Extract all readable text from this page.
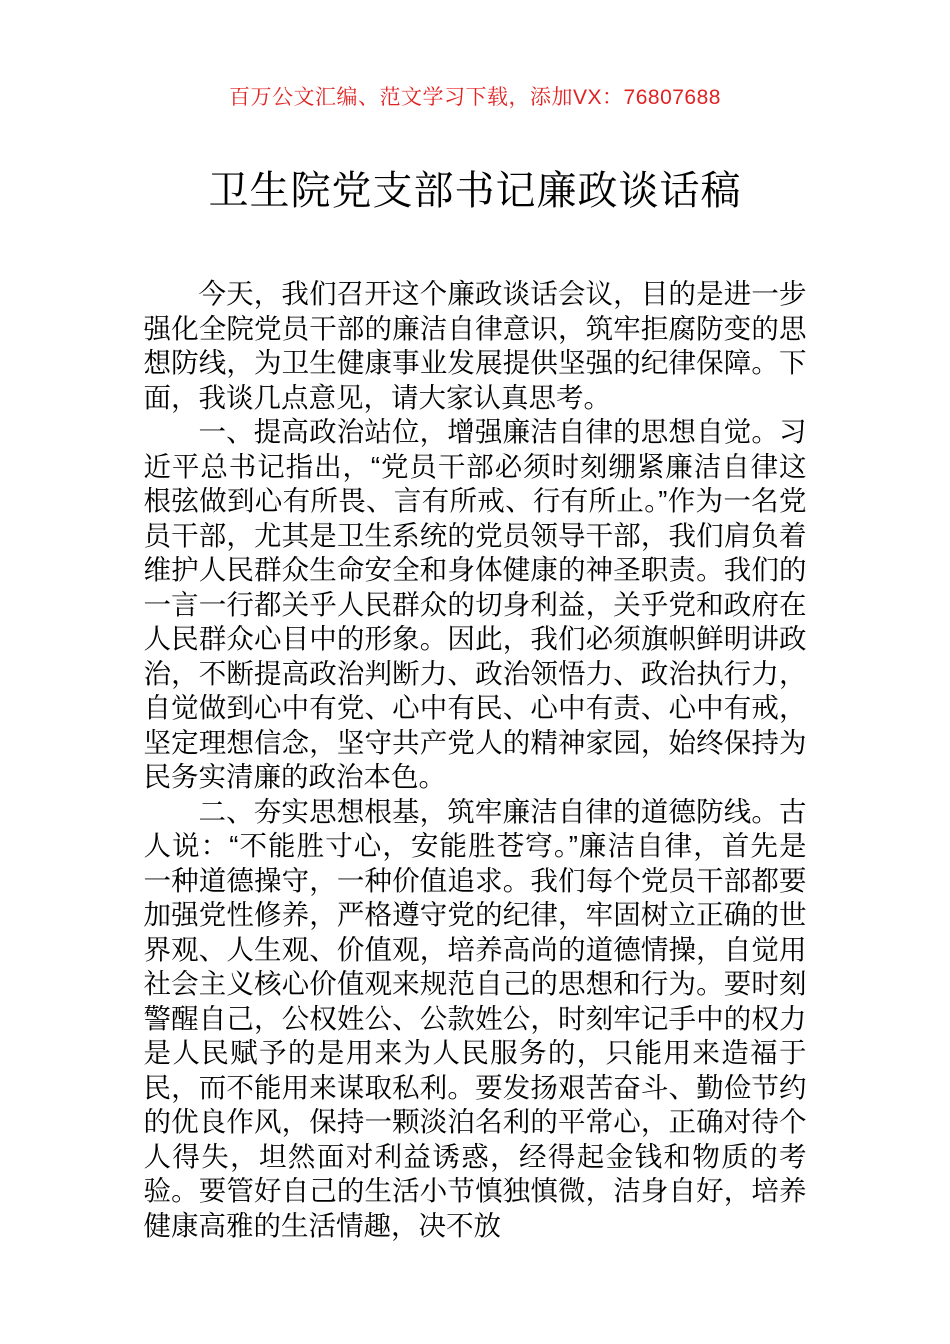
百万公文汇编、范文学习下载，添加VX：76807688
卫生院党支部书记廉政谈话稿

今天，我们召开这个廉政谈话会议，目的是进一步强化全院党员干部的廉洁自律意识，筑牢拒腐防变的思想防线，为卫生健康事业发展提供坚强的纪律保障。下面，我谈几点意见，请大家认真思考。

一、提高政治站位，增强廉洁自律的思想自觉。习近平总书记指出，“党员干部必须时刻绷紧廉洁自律这根弦做到心有所畏、言有所戒、行有所止。”作为一名党员干部，尤其是卫生系统的党员领导干部，我们肩负着维护人民群众生命安全和身体健康的神圣职责。我们的一言一行都关乎人民群众的切身利益，关乎党和政府在人民群众心目中的形象。因此，我们必须旗帜鲜明讲政治，不断提高政治判断力、政治领悟力、政治执行力，自觉做到心中有党、心中有民、心中有责、心中有戒，坚定理想信念，坚守共产党人的精神家园，始终保持为民务实清廉的政治本色。

二、夯实思想根基，筑牢廉洁自律的道德防线。古人说：“不能胜寸心，安能胜苍穹。”廉洁自律，首先是一种道德操守，一种价值追求。我们每个党员干部都要加强党性修养，严格遵守党的纪律，牢固树立正确的世界观、人生观、价值观，培养高尚的道德情操，自觉用社会主义核心价值观来规范自己的思想和行为。要时刻警醒自己，公权姓公、公款姓公，时刻牢记手中的权力是人民赋予的是用来为人民服务的，只能用来造福于民，而不能用来谋取私利。要发扬艰苦奋斗、勤俭节约的优良作风，保持一颗淡泊名利的平常心，正确对待个人得失，坦然面对利益诱惑，经得起金钱和物质的考验。要管好自己的生活小节慎独慎微，洁身自好，培养健康高雅的生活情趣，决不放
